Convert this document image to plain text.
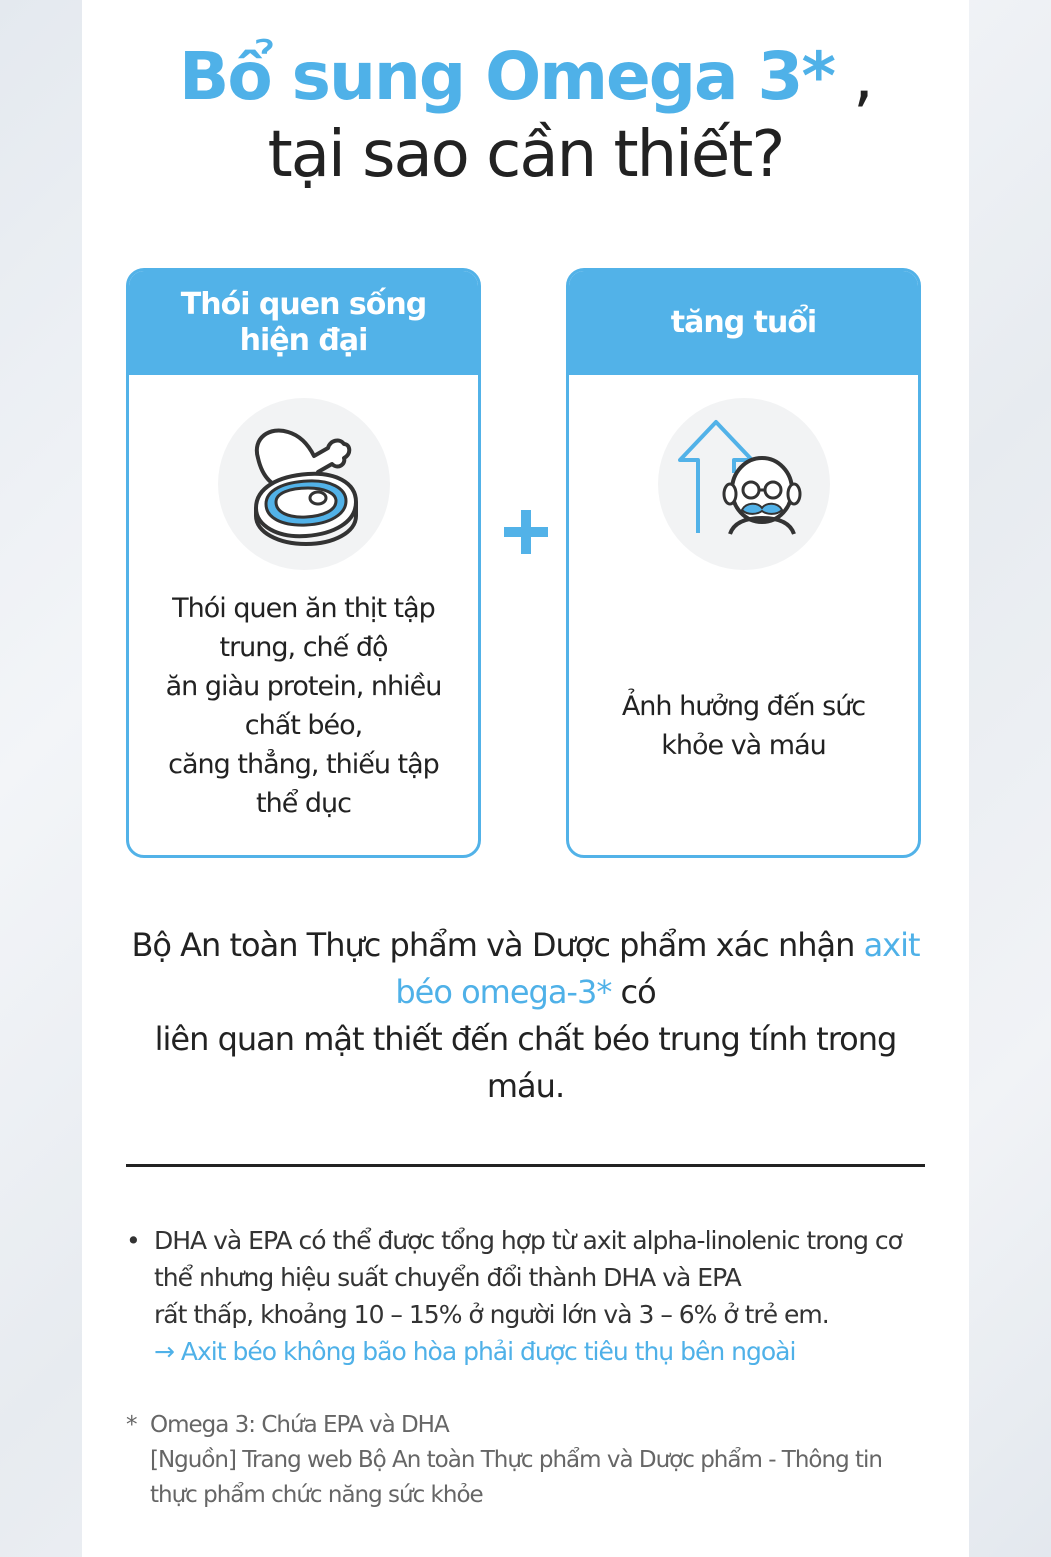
Bổ sung Omega 3* ,
tại sao cần thiết?
Thói quen sống hiện đại
Thói quen ăn thịt tập
trung, chế độ
ăn giàu protein, nhiều
chất béo,
căng thẳng, thiếu tập
thể dục
tăng tuổi
Ảnh hưởng đến sức
khỏe và máu
Bộ An toàn Thực phẩm và Dược phẩm xác nhận axit
béo omega-3* có
liên quan mật thiết đến chất béo trung tính trong
máu.
• DHA và EPA có thể được tổng hợp từ axit alpha-linolenic trong cơ
thể nhưng hiệu suất chuyển đổi thành DHA và EPA
rất thấp, khoảng 10 – 15% ở người lớn và 3 – 6% ở trẻ em.
→ Axit béo không bão hòa phải được tiêu thụ bên ngoài
* Omega 3: Chứa EPA và DHA
[Nguồn] Trang web Bộ An toàn Thực phẩm và Dược phẩm - Thông tin
thực phẩm chức năng sức khỏe
